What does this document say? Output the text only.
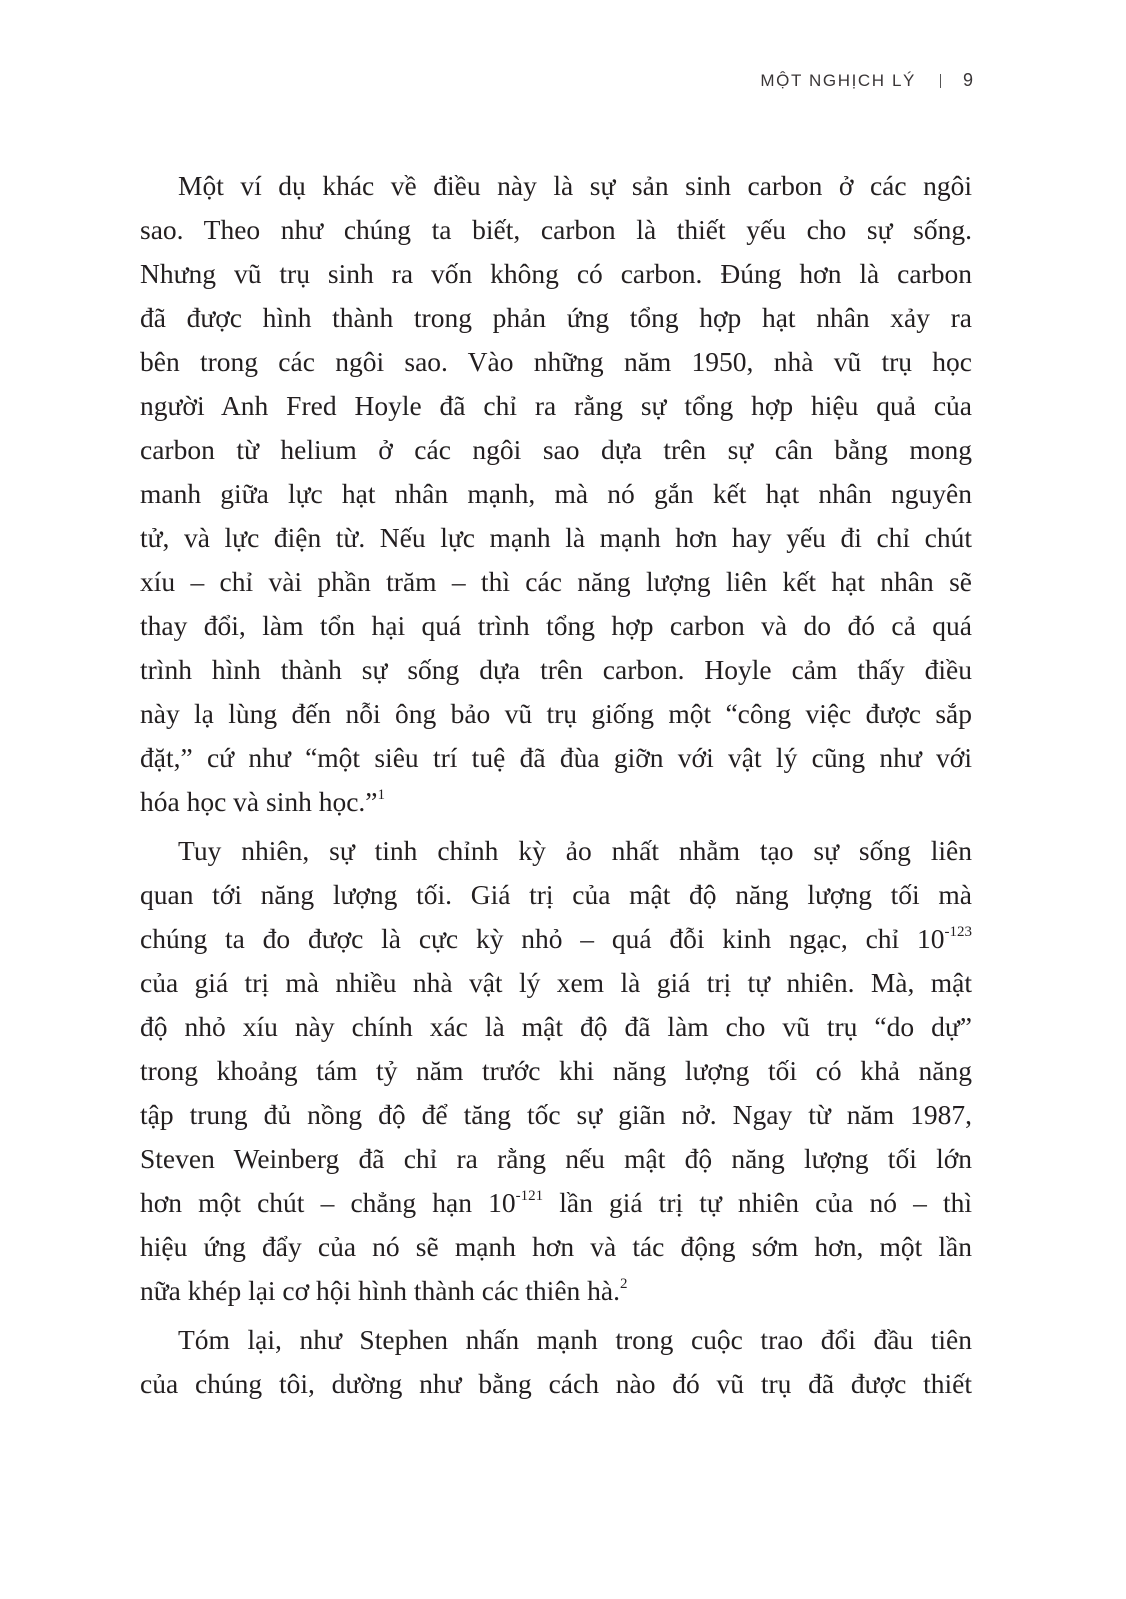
MỘT NGHỊCH LÝ	9
Một ví dụ khác về điều này là sự sản sinh carbon ở các ngôi
sao. Theo như chúng ta biết, carbon là thiết yếu cho sự sống.
Nhưng vũ trụ sinh ra vốn không có carbon. Đúng hơn là carbon
đã được hình thành trong phản ứng tổng hợp hạt nhân xảy ra
bên trong các ngôi sao. Vào những năm 1950, nhà vũ trụ học
người Anh Fred Hoyle đã chỉ ra rằng sự tổng hợp hiệu quả của
carbon từ helium ở các ngôi sao dựa trên sự cân bằng mong
manh giữa lực hạt nhân mạnh, mà nó gắn kết hạt nhân nguyên
tử, và lực điện từ. Nếu lực mạnh là mạnh hơn hay yếu đi chỉ chút
xíu – chỉ vài phần trăm – thì các năng lượng liên kết hạt nhân sẽ
thay đổi, làm tổn hại quá trình tổng hợp carbon và do đó cả quá
trình hình thành sự sống dựa trên carbon. Hoyle cảm thấy điều
này lạ lùng đến nỗi ông bảo vũ trụ giống một “công việc được sắp
đặt,” cứ như “một siêu trí tuệ đã đùa giỡn với vật lý cũng như với
hóa học và sinh học.”$^1$
Tuy nhiên, sự tinh chỉnh kỳ ảo nhất nhằm tạo sự sống liên
quan tới năng lượng tối. Giá trị của mật độ năng lượng tối mà
chúng ta đo được là cực kỳ nhỏ – quá đỗi kinh ngạc, chỉ $10^{-123}$
của giá trị mà nhiều nhà vật lý xem là giá trị tự nhiên. Mà, mật
độ nhỏ xíu này chính xác là mật độ đã làm cho vũ trụ “do dự”
trong khoảng tám tỷ năm trước khi năng lượng tối có khả năng
tập trung đủ nồng độ để tăng tốc sự giãn nở. Ngay từ năm 1987,
Steven Weinberg đã chỉ ra rằng nếu mật độ năng lượng tối lớn
hơn một chút – chẳng hạn $10^{-121}$ lần giá trị tự nhiên của nó – thì
hiệu ứng đẩy của nó sẽ mạnh hơn và tác động sớm hơn, một lần
nữa khép lại cơ hội hình thành các thiên hà.$^2$
Tóm lại, như Stephen nhấn mạnh trong cuộc trao đổi đầu tiên
của chúng tôi, dường như bằng cách nào đó vũ trụ đã được thiết
